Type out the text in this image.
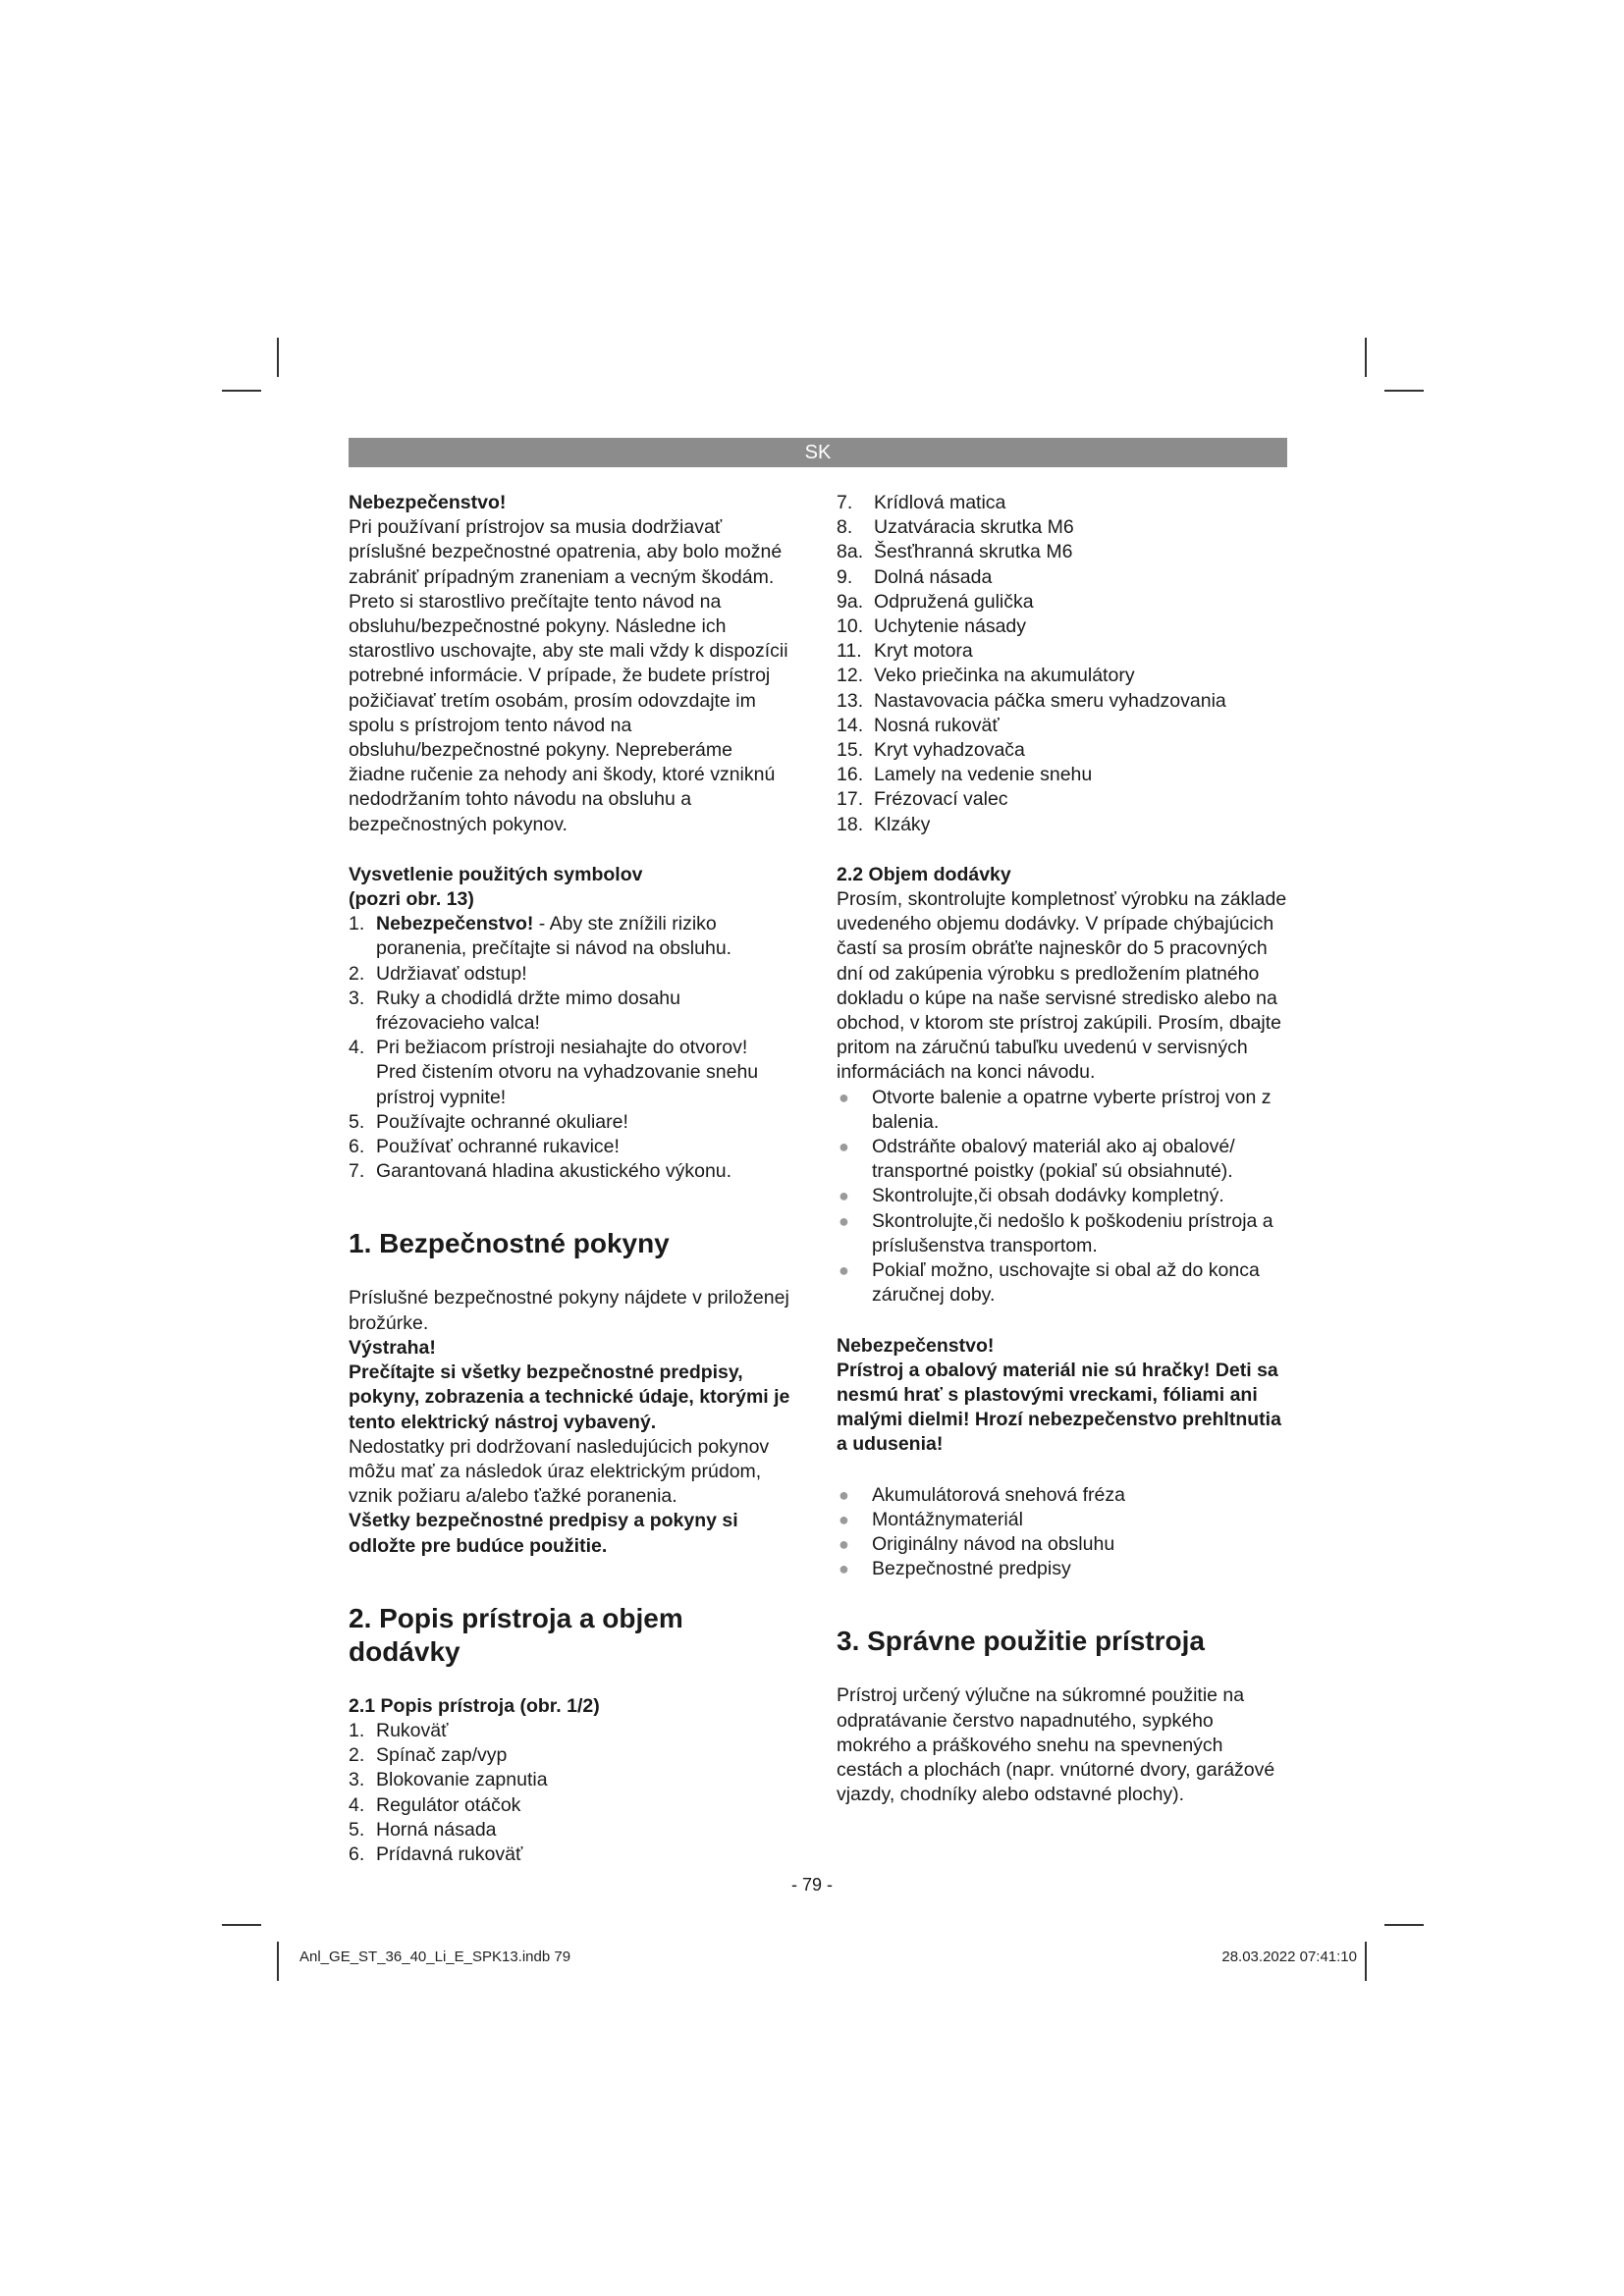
SK

Nebezpečenstvo!

Pri používaní prístrojov sa musia dodržiavať príslušné bezpečnostné opatrenia, aby bolo možné zabrániť prípadným zraneniam a vecným škodám. Preto si starostlivo prečítajte tento návod na obsluhu/bezpečnostné pokyny. Následne ich starostlivo uschovajte, aby ste mali vždy k dispozícii potrebné informácie. V prípade, že budete prístroj požičiavať tretím osobám, prosím odovzdajte im spolu s prístrojom tento návod na obsluhu/bezpečnostné pokyny. Nepreberáme žiadne ručenie za nehody ani škody, ktoré vzniknú nedodržaním tohto návodu na obsluhu a bezpečnostných pokynov.

Vysvetlenie použitých symbolov

(pozri obr. 13)

1. Nebezpečenstvo! - Aby ste znížili riziko poranenia, prečítajte si návod na obsluhu.
2. Udržiavať odstup!
3. Ruky a chodidlá držte mimo dosahu frézovacieho valca!
4. Pri bežiacom prístroji nesiahajte do otvorov! Pred čistením otvoru na vyhadzovanie snehu prístroj vypnite!
5. Používajte ochranné okuliare!
6. Používať ochranné rukavice!
7. Garantovaná hladina akustického výkonu.

1. Bezpečnostné pokyny

Príslušné bezpečnostné pokyny nájdete v priloženej brožúrke.

Výstraha!

Prečítajte si všetky bezpečnostné predpisy, pokyny, zobrazenia a technické údaje, ktorými je tento elektrický nástroj vybavený.

Nedostatky pri dodržovaní nasledujúcich pokynov môžu mať za následok úraz elektrickým prúdom, vznik požiaru a/alebo ťažké poranenia.

Všetky bezpečnostné predpisy a pokyny si odložte pre budúce použitie.

2. Popis prístroja a objem dodávky

2.1 Popis prístroja (obr. 1/2)

1. Rukoväť
2. Spínač zap/vyp
3. Blokovanie zapnutia
4. Regulátor otáčok
5. Horná násada
6. Prídavná rukoväť
7. Krídlová matica
8. Uzatváracia skrutka M6
8a. Šesťhranná skrutka M6
9. Dolná násada
9a. Odpružená gulička
10. Uchytenie násady
11. Kryt motora
12. Veko priečinka na akumulátory
13. Nastavovacia páčka smeru vyhadzovania
14. Nosná rukoväť
15. Kryt vyhadzovača
16. Lamely na vedenie snehu
17. Frézovací valec
18. Klzáky

2.2 Objem dodávky

Prosím, skontrolujte kompletnosť výrobku na základe uvedeného objemu dodávky. V prípade chýbajúcich častí sa prosím obráťte najneskôr do 5 pracovných dní od zakúpenia výrobku s predložením platného dokladu o kúpe na naše servisné stredisko alebo na obchod, v ktorom ste prístroj zakúpili. Prosím, dbajte pritom na záručnú tabuľku uvedenú v servisných informáciách na konci návodu.

● Otvorte balenie a opatrne vyberte prístroj von z balenia.
● Odstráňte obalový materiál ako aj obalové/ transportné poistky (pokiaľ sú obsiahnuté).
● Skontrolujte,či obsah dodávky kompletný.
● Skontrolujte,či nedošlo k poškodeniu prístroja a príslušenstva transportom.
● Pokiaľ možno, uschovajte si obal až do konca záručnej doby.

Nebezpečenstvo!

Prístroj a obalový materiál nie sú hračky! Deti sa nesmú hrať s plastovými vreckami, fóliami ani malými dielmi! Hrozí nebezpečenstvo prehltnutia a udusenia!

● Akumulátorová snehová fréza
● Montážnymateriál
● Originálny návod na obsluhu
● Bezpečnostné predpisy

3. Správne použitie prístroja

Prístroj určený výlučne na súkromné použitie na odpratávanie čerstvo napadnutého, sypkého mokrého a práškového snehu na spevnených cestách a plochách (napr. vnútorné dvory, garážové vjazdy, chodníky alebo odstavné plochy).

- 79 -
Anl_GE_ST_36_40_Li_E_SPK13.indb 79	28.03.2022 07:41:10
